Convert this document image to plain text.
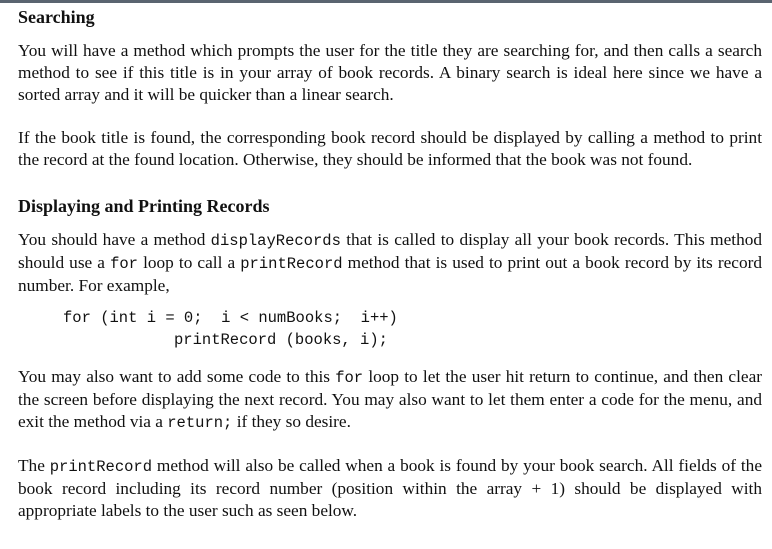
Searching

You will have a method which prompts the user for the title they are searching for, and then calls a search method to see if this title is in your array of book records. A binary search is ideal here since we have a sorted array and it will be quicker than a linear search.

If the book title is found, the corresponding book record should be displayed by calling a method to print the record at the found location. Otherwise, they should be informed that the book was not found.

Displaying and Printing Records

You should have a method displayRecords that is called to display all your book records. This method should use a for loop to call a printRecord method that is used to print out a book record by its record number. For example,

for (int i = 0;  i < numBooks;  i++)
printRecord (books, i);

You may also want to add some code to this for loop to let the user hit return to continue, and then clear the screen before displaying the next record. You may also want to let them enter a code for the menu, and exit the method via a return; if they so desire.

The printRecord method will also be called when a book is found by your book search. All fields of the book record including its record number (position within the array + 1) should be displayed with appropriate labels to the user such as seen below.
